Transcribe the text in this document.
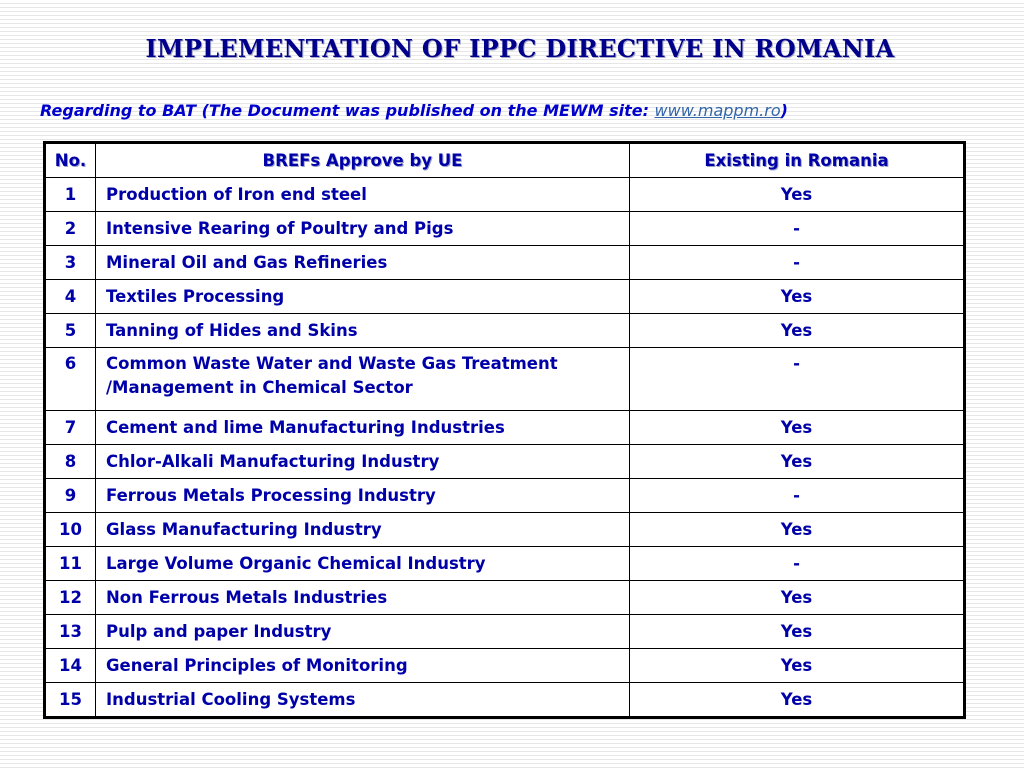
IMPLEMENTATION OF IPPC DIRECTIVE IN ROMANIA

Regarding to BAT (The Document was published on the MEWM site: www.mappm.ro)

No.	BREFs Approve by UE	Existing in Romania
1	Production of Iron end steel	Yes
2	Intensive Rearing of Poultry and Pigs	-
3	Mineral Oil and Gas Refineries	-
4	Textiles Processing	Yes
5	Tanning of Hides and Skins	Yes
6	Common Waste Water and Waste Gas Treatment /Management in Chemical Sector	-
7	Cement and lime Manufacturing Industries	Yes
8	Chlor-Alkali Manufacturing Industry	Yes
9	Ferrous Metals Processing Industry	-
10	Glass Manufacturing Industry	Yes
11	Large Volume Organic Chemical Industry	-
12	Non Ferrous Metals Industries	Yes
13	Pulp and paper Industry	Yes
14	General Principles of Monitoring	Yes
15	Industrial Cooling Systems	Yes
